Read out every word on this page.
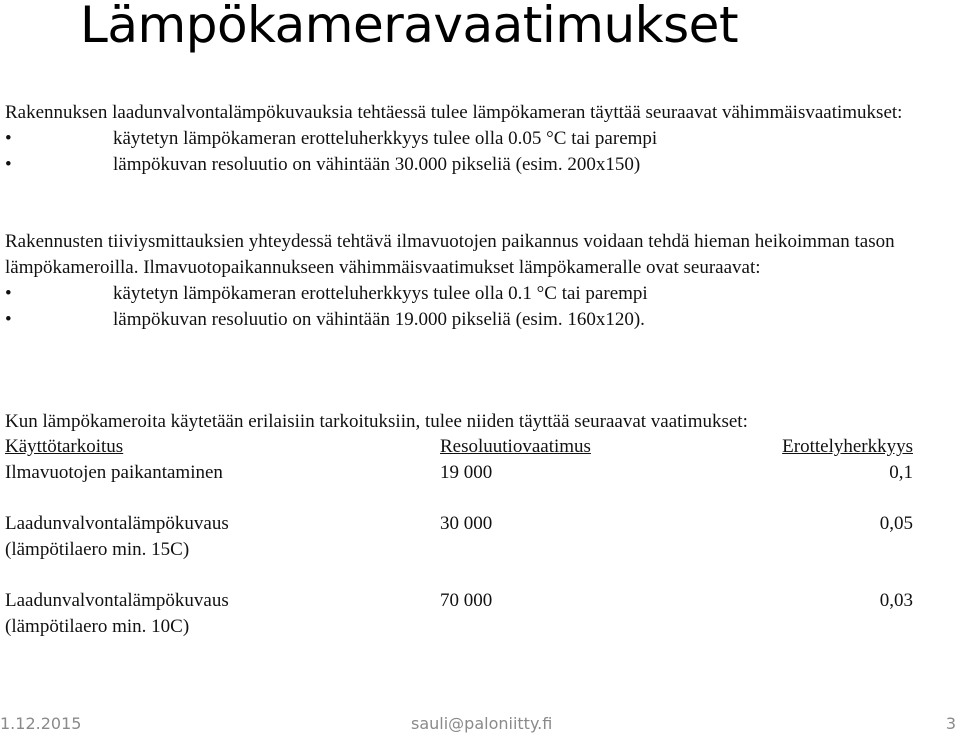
Lämpökameravaatimukset
Rakennuksen laadunvalvontalämpökuvauksia tehtäessä tulee lämpökameran täyttää seuraavat vähimmäisvaatimukset:
•	käytetyn lämpökameran erotteluherkkyys tulee olla 0.05 °C tai parempi
•	lämpökuvan resoluutio on vähintään 30.000 pikseliä (esim. 200x150)
Rakennusten tiiviysmittauksien yhteydessä tehtävä ilmavuotojen paikannus voidaan tehdä hieman heikoimman tason lämpökameroilla. Ilmavuotopaikannukseen vähimmäisvaatimukset lämpökameralle ovat seuraavat:
•	käytetyn lämpökameran erotteluherkkyys tulee olla 0.1 °C tai parempi
•	lämpökuvan resoluutio on vähintään 19.000 pikseliä (esim. 160x120).
Kun lämpökameroita käytetään erilaisiin tarkoituksiin, tulee niiden täyttää seuraavat vaatimukset:
Käyttötarkoitus	Resoluutiovaatimus	Erottelyherkkyys
Ilmavuotojen paikantaminen	19 000	0,1
Laadunvalvontalämpökuvaus
(lämpötilaero min. 15C)
30 000	0,05
Laadunvalvontalämpökuvaus
(lämpötilaero min. 10C)
70 000	0,03
1.12.2015	sauli@paloniitty.fi	3
